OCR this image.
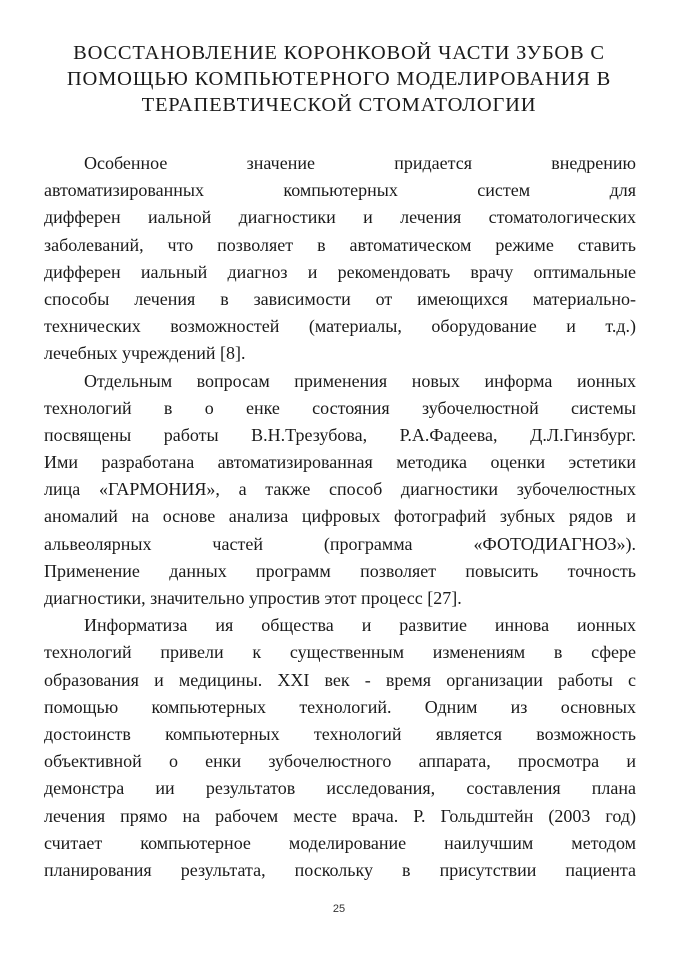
ВОССТАНОВЛЕНИЕ КОРОНКОВОЙ ЧАСТИ ЗУБОВ С
ПОМОЩЬЮ КОМПЬЮТЕРНОГО МОДЕЛИРОВАНИЯ В
ТЕРАПЕВТИЧЕСКОЙ СТОМАТОЛОГИИ
Особенное значение придается внедрению
автоматизированных компьютерных систем для
дифферен иальной диагностики и лечения стоматологических
заболеваний, что позволяет в автоматическом режиме ставить
дифферен иальный диагноз и рекомендовать врачу оптимальные
способы лечения в зависимости от имеющихся материально-
технических возможностей (материалы, оборудование и т.д.)
лечебных учреждений [8].
Отдельным вопросам применения новых информа ионных
технологий в о енке состояния зубочелюстной системы
посвящены работы В.Н.Трезубова, Р.А.Фадеева, Д.Л.Гинзбург.
Ими разработана автоматизированная методика оценки эстетики
лица «ГАРМОНИЯ», а также способ диагностики зубочелюстных
аномалий на основе анализа цифровых фотографий зубных рядов и
альвеолярных частей (программа «ФОТОДИАГНОЗ»).
Применение данных программ позволяет повысить точность
диагностики, значительно упростив этот процесс [27].
Информатиза ия общества и развитие иннова ионных
технологий привели к существенным изменениям в сфере
образования и медицины. XXI век - время организации работы с
помощью компьютерных технологий. Одним из основных
достоинств компьютерных технологий является возможность
объективной о енки зубочелюстного аппарата, просмотра и
демонстра ии результатов исследования, составления плана
лечения прямо на рабочем месте врача. Р. Гольдштейн (2003 год)
считает компьютерное моделирование наилучшим методом
планирования результата, поскольку в присутствии пациента
25
